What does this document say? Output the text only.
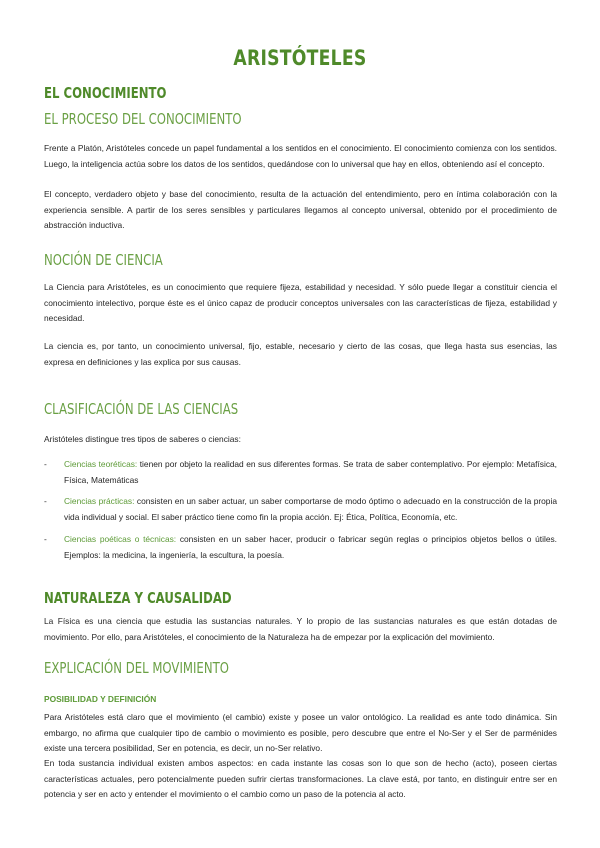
ARISTÓTELES
EL CONOCIMIENTO
EL PROCESO DEL CONOCIMIENTO

Frente a Platón, Aristóteles concede un papel fundamental a los sentidos en el conocimiento. El conocimiento comienza con los sentidos. Luego, la inteligencia actúa sobre los datos de los sentidos, quedándose con lo universal que hay en ellos, obteniendo así el concepto.

El concepto, verdadero objeto y base del conocimiento, resulta de la actuación del entendimiento, pero en íntima colaboración con la experiencia sensible. A partir de los seres sensibles y particulares llegamos al concepto universal, obtenido por el procedimiento de abstracción inductiva.

NOCIÓN DE CIENCIA

La Ciencia para Aristóteles, es un conocimiento que requiere fijeza, estabilidad y necesidad. Y sólo puede llegar a constituir ciencia el conocimiento intelectivo, porque éste es el único capaz de producir conceptos universales con las características de fijeza, estabilidad y necesidad.

La ciencia es, por tanto, un conocimiento universal, fijo, estable, necesario y cierto de las cosas, que llega hasta sus esencias, las expresa en definiciones y las explica por sus causas.

CLASIFICACIÓN DE LAS CIENCIAS

Aristóteles distingue tres tipos de saberes o ciencias:

- Ciencias teoréticas: tienen por objeto la realidad en sus diferentes formas. Se trata de saber contemplativo. Por ejemplo: Metafísica, Física, Matemáticas
- Ciencias prácticas: consisten en un saber actuar, un saber comportarse de modo óptimo o adecuado en la construcción de la propia vida individual y social. El saber práctico tiene como fin la propia acción. Ej: Ética, Política, Economía, etc.
- Ciencias poéticas o técnicas: consisten en un saber hacer, producir o fabricar según reglas o principios objetos bellos o útiles. Ejemplos: la medicina, la ingeniería, la escultura, la poesía.
NATURALEZA Y CAUSALIDAD

La Física es una ciencia que estudia las sustancias naturales. Y lo propio de las sustancias naturales es que están dotadas de movimiento. Por ello, para Aristóteles, el conocimiento de la Naturaleza ha de empezar por la explicación del movimiento.

EXPLICACIÓN DEL MOVIMIENTO
POSIBILIDAD Y DEFINICIÓN

Para Aristóteles está claro que el movimiento (el cambio) existe y posee un valor ontológico. La realidad es ante todo dinámica. Sin embargo, no afirma que cualquier tipo de cambio o movimiento es posible, pero descubre que entre el No-Ser y el Ser de parménides existe una tercera posibilidad, Ser en potencia, es decir, un no-Ser relativo.

En toda sustancia individual existen ambos aspectos: en cada instante las cosas son lo que son de hecho (acto), poseen ciertas características actuales, pero potencialmente pueden sufrir ciertas transformaciones. La clave está, por tanto, en distinguir entre ser en potencia y ser en acto y entender el movimiento o el cambio como un paso de la potencia al acto.
